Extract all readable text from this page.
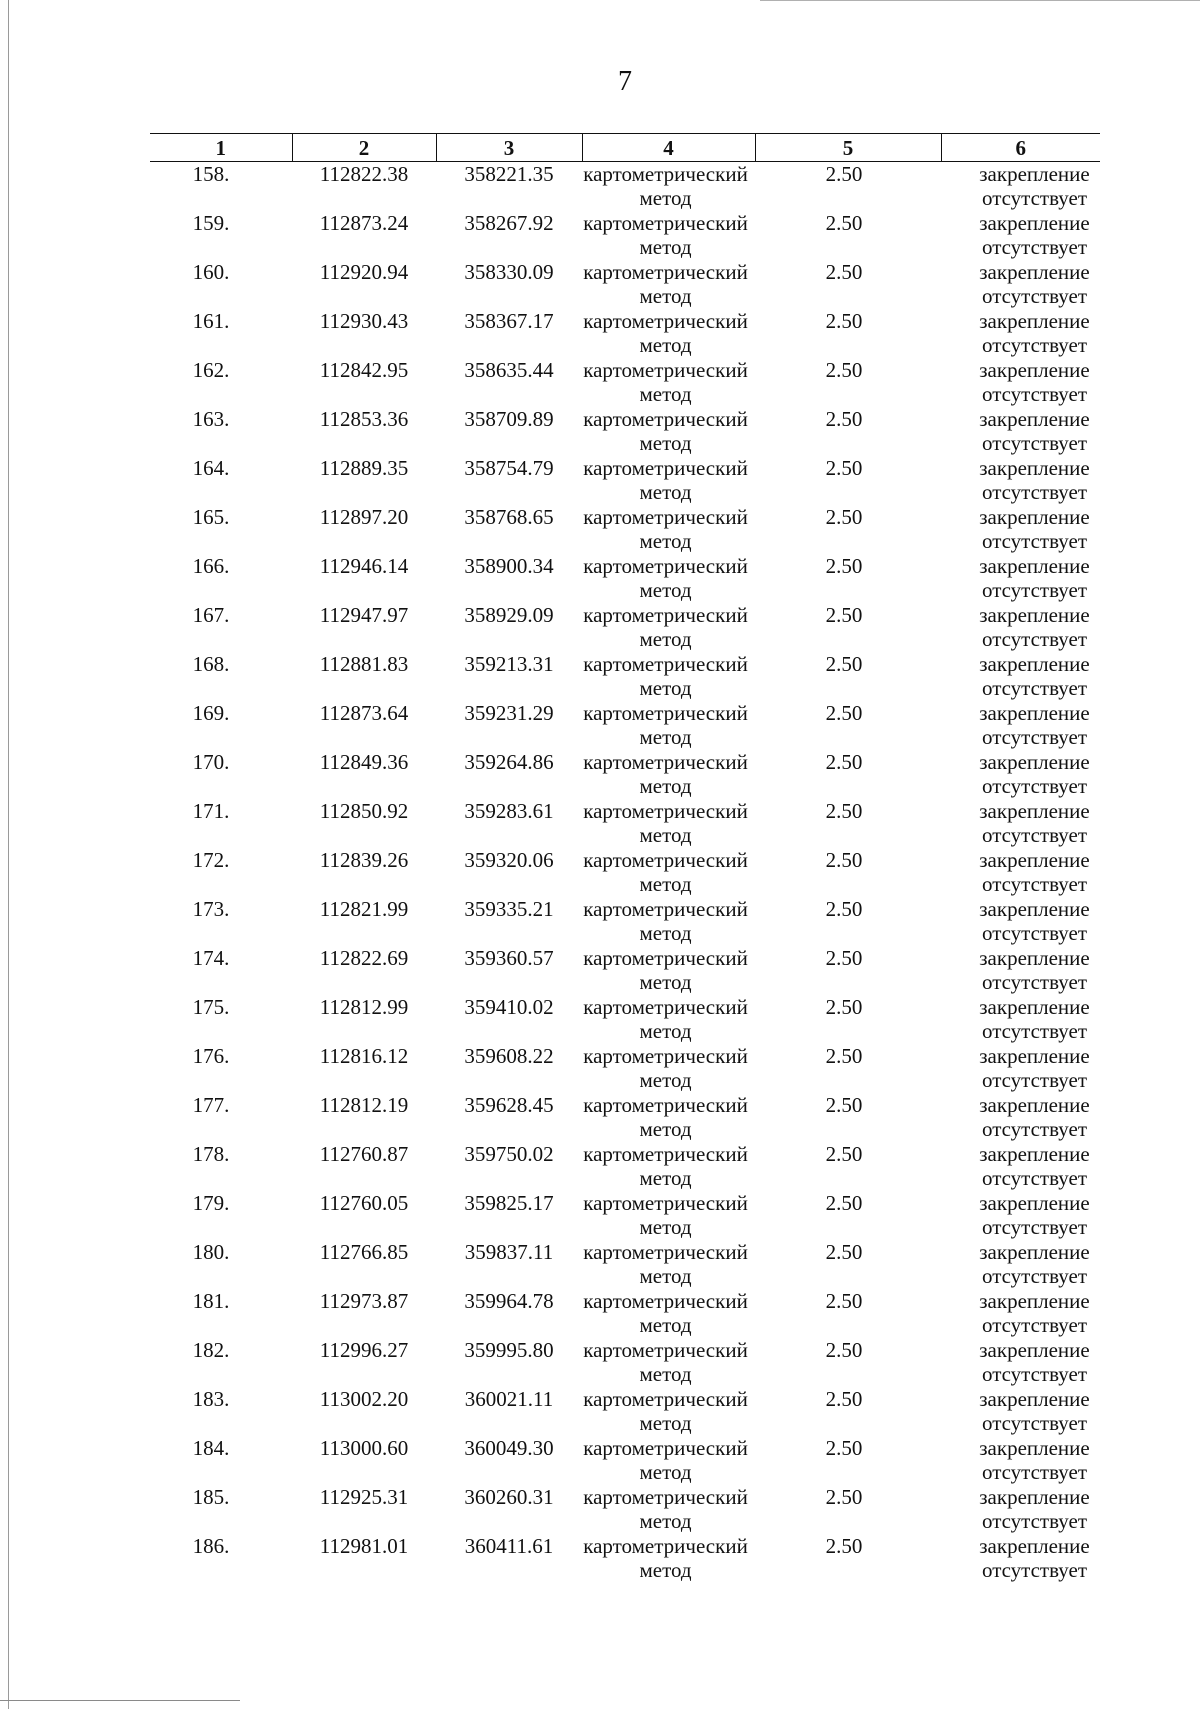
7
1	2	3	4	5	6
158.	112822.38	358221.35	картометрический метод	2.50	закрепление отсутствует
159.	112873.24	358267.92	картометрический метод	2.50	закрепление отсутствует
160.	112920.94	358330.09	картометрический метод	2.50	закрепление отсутствует
161.	112930.43	358367.17	картометрический метод	2.50	закрепление отсутствует
162.	112842.95	358635.44	картометрический метод	2.50	закрепление отсутствует
163.	112853.36	358709.89	картометрический метод	2.50	закрепление отсутствует
164.	112889.35	358754.79	картометрический метод	2.50	закрепление отсутствует
165.	112897.20	358768.65	картометрический метод	2.50	закрепление отсутствует
166.	112946.14	358900.34	картометрический метод	2.50	закрепление отсутствует
167.	112947.97	358929.09	картометрический метод	2.50	закрепление отсутствует
168.	112881.83	359213.31	картометрический метод	2.50	закрепление отсутствует
169.	112873.64	359231.29	картометрический метод	2.50	закрепление отсутствует
170.	112849.36	359264.86	картометрический метод	2.50	закрепление отсутствует
171.	112850.92	359283.61	картометрический метод	2.50	закрепление отсутствует
172.	112839.26	359320.06	картометрический метод	2.50	закрепление отсутствует
173.	112821.99	359335.21	картометрический метод	2.50	закрепление отсутствует
174.	112822.69	359360.57	картометрический метод	2.50	закрепление отсутствует
175.	112812.99	359410.02	картометрический метод	2.50	закрепление отсутствует
176.	112816.12	359608.22	картометрический метод	2.50	закрепление отсутствует
177.	112812.19	359628.45	картометрический метод	2.50	закрепление отсутствует
178.	112760.87	359750.02	картометрический метод	2.50	закрепление отсутствует
179.	112760.05	359825.17	картометрический метод	2.50	закрепление отсутствует
180.	112766.85	359837.11	картометрический метод	2.50	закрепление отсутствует
181.	112973.87	359964.78	картометрический метод	2.50	закрепление отсутствует
182.	112996.27	359995.80	картометрический метод	2.50	закрепление отсутствует
183.	113002.20	360021.11	картометрический метод	2.50	закрепление отсутствует
184.	113000.60	360049.30	картометрический метод	2.50	закрепление отсутствует
185.	112925.31	360260.31	картометрический метод	2.50	закрепление отсутствует
186.	112981.01	360411.61	картометрический метод	2.50	закрепление отсутствует
